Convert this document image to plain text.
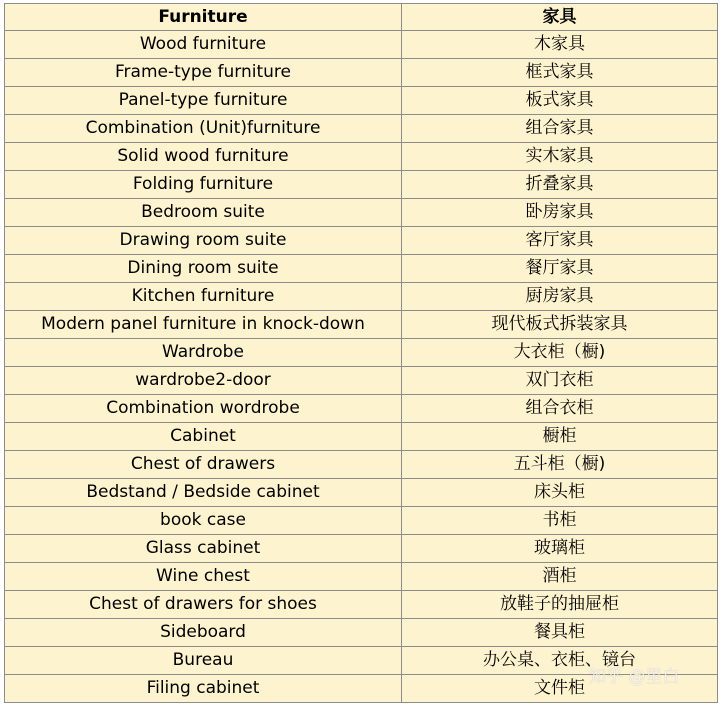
Furniture	家具
Wood furniture	木家具
Frame-type furniture	框式家具
Panel-type furniture	板式家具
Combination (Unit)furniture	组合家具
Solid wood furniture	实木家具
Folding furniture	折叠家具
Bedroom suite	卧房家具
Drawing room suite	客厅家具
Dining room suite	餐厅家具
Kitchen furniture	厨房家具
Modern panel furniture in knock-down	现代板式拆装家具
Wardrobe	大衣柜（橱)
wardrobe2-door	双门衣柜
Combination wordrobe	组合衣柜
Cabinet	橱柜
Chest of drawers	五斗柜（橱)
Bedstand / Bedside cabinet	床头柜
book case	书柜
Glass cabinet	玻璃柜
Wine chest	酒柜
Chest of drawers for shoes	放鞋子的抽屉柜
Sideboard	餐具柜
Bureau	办公桌、衣柜、镜台
Filing cabinet	文件柜
知乎 @里白
